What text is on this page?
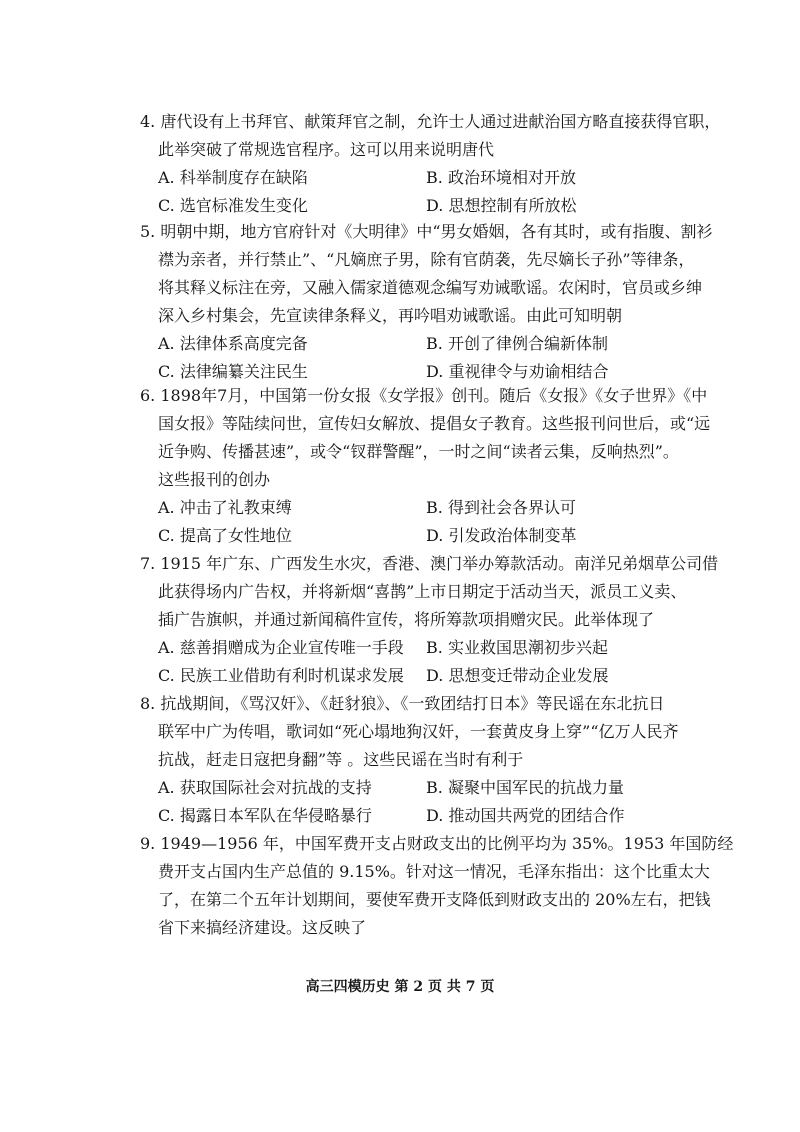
4. 唐代设有上书拜官、献策拜官之制，允许士人通过进献治国方略直接获得官职，
此举突破了常规选官程序。这可以用来说明唐代
A. 科举制度存在缺陷	B. 政治环境相对开放
C. 选官标准发生变化	D. 思想控制有所放松
5. 明朝中期，地方官府针对《大明律》中“男女婚姻，各有其时，或有指腹、割衫
襟为亲者，并行禁止”、“凡嫡庶子男，除有官荫袭，先尽嫡长子孙”等律条，
将其释义标注在旁，又融入儒家道德观念编写劝诫歌谣。农闲时，官员或乡绅
深入乡村集会，先宣读律条释义，再吟唱劝诫歌谣。由此可知明朝
A. 法律体系高度完备	B. 开创了律例合编新体制
C. 法律编纂关注民生	D. 重视律令与劝谕相结合
6. 1898年7月，中国第一份女报《女学报》创刊。随后《女报》《女子世界》《中
国女报》等陆续问世，宣传妇女解放、提倡女子教育。这些报刊问世后，或“远
近争购、传播甚速”，或令“钗群警醒”，一时之间“读者云集，反响热烈”。
这些报刊的创办
A. 冲击了礼教束缚	B. 得到社会各界认可
C. 提高了女性地位	D. 引发政治体制变革
7. 1915 年广东、广西发生水灾，香港、澳门举办筹款活动。南洋兄弟烟草公司借
此获得场内广告权，并将新烟“喜鹊”上市日期定于活动当天，派员工义卖、
插广告旗帜，并通过新闻稿件宣传，将所筹款项捐赠灾民。此举体现了
A. 慈善捐赠成为企业宣传唯一手段 B. 实业救国思潮初步兴起
C. 民族工业借助有利时机谋求发展 D. 思想变迁带动企业发展
8. 抗战期间，《骂汉奸》、《赶豺狼》、《一致团结打日本》等民谣在东北抗日
联军中广为传唱，歌词如“死心塌地狗汉奸，一套黄皮身上穿”“亿万人民齐
抗战，赶走日寇把身翻”等 。这些民谣在当时有利于
A. 获取国际社会对抗战的支持	B. 凝聚中国军民的抗战力量
C. 揭露日本军队在华侵略暴行	D. 推动国共两党的团结合作
9. 1949—1956 年，中国军费开支占财政支出的比例平均为 35%。1953 年国防经
费开支占国内生产总值的 9.15%。针对这一情况，毛泽东指出：这个比重太大
了，在第二个五年计划期间，要使军费开支降低到财政支出的 20%左右，把钱
省下来搞经济建设。这反映了
高三四模历史 第 2 页 共 7 页
